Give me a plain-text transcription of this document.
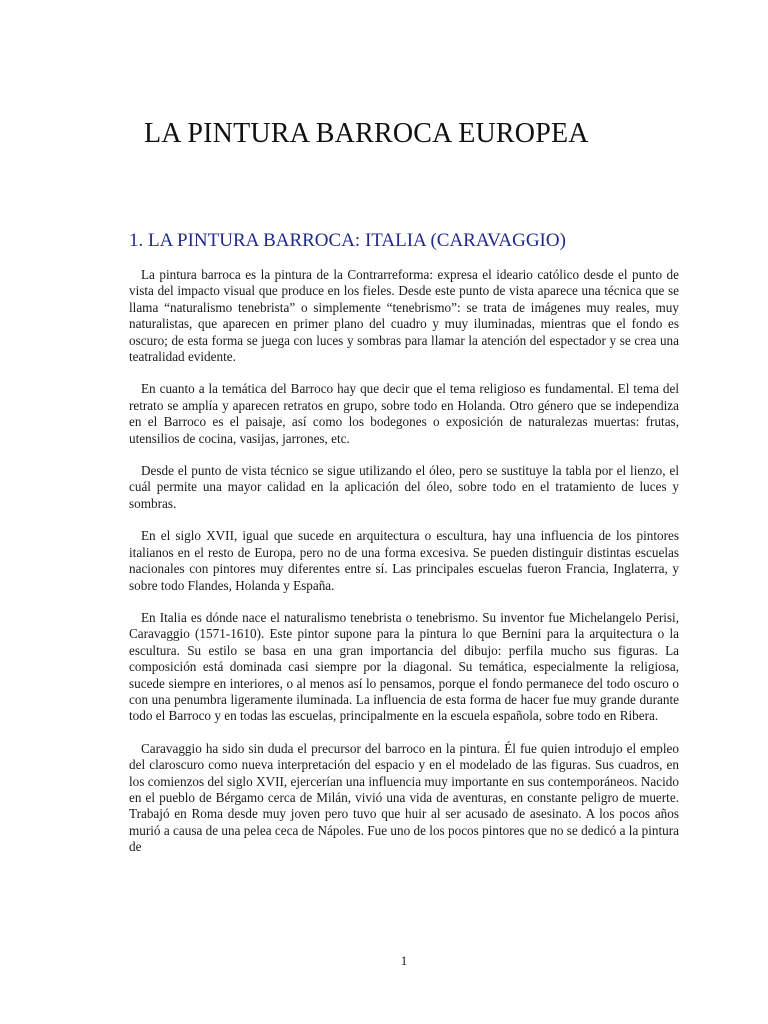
LA PINTURA BARROCA EUROPEA
1. LA PINTURA BARROCA: ITALIA (CARAVAGGIO)

La pintura barroca es la pintura de la Contrarreforma: expresa el ideario católico desde el punto de vista del impacto visual que produce en los fieles. Desde este punto de vista aparece una técnica que se llama “naturalismo tenebrista” o simplemente “tenebrismo”: se trata de imágenes muy reales, muy naturalistas, que aparecen en primer plano del cuadro y muy iluminadas, mientras que el fondo es oscuro; de esta forma se juega con luces y sombras para llamar la atención del espectador y se crea una teatralidad evidente.

En cuanto a la temática del Barroco hay que decir que el tema religioso es fundamental. El tema del retrato se amplía y aparecen retratos en grupo, sobre todo en Holanda. Otro género que se independiza en el Barroco es el paisaje, así como los bodegones o exposición de naturalezas muertas: frutas, utensilios de cocina, vasijas, jarrones, etc.

Desde el punto de vista técnico se sigue utilizando el óleo, pero se sustituye la tabla por el lienzo, el cuál permite una mayor calidad en la aplicación del óleo, sobre todo en el tratamiento de luces y sombras.

En el siglo XVII, igual que sucede en arquitectura o escultura, hay una influencia de los pintores italianos en el resto de Europa, pero no de una forma excesiva. Se pueden distinguir distintas escuelas nacionales con pintores muy diferentes entre sí. Las principales escuelas fueron Francia, Inglaterra, y sobre todo Flandes, Holanda y España.

En Italia es dónde nace el naturalismo tenebrista o tenebrismo. Su inventor fue Michelangelo Perisi, Caravaggio (1571-1610). Este pintor supone para la pintura lo que Bernini para la arquitectura o la escultura. Su estilo se basa en una gran importancia del dibujo: perfila mucho sus figuras. La composición está dominada casi siempre por la diagonal. Su temática, especialmente la religiosa, sucede siempre en interiores, o al menos así lo pensamos, porque el fondo permanece del todo oscuro o con una penumbra ligeramente iluminada. La influencia de esta forma de hacer fue muy grande durante todo el Barroco y en todas las escuelas, principalmente en la escuela española, sobre todo en Ribera.

Caravaggio ha sido sin duda el precursor del barroco en la pintura. Él fue quien introdujo el empleo del claroscuro como nueva interpretación del espacio y en el modelado de las figuras. Sus cuadros, en los comienzos del siglo XVII, ejercerían una influencia muy importante en sus contemporáneos. Nacido en el pueblo de Bérgamo cerca de Milán, vivió una vida de aventuras, en constante peligro de muerte. Trabajó en Roma desde muy joven pero tuvo que huir al ser acusado de asesinato. A los pocos años murió a causa de una pelea ceca de Nápoles. Fue uno de los pocos pintores que no se dedicó a la pintura de

1
